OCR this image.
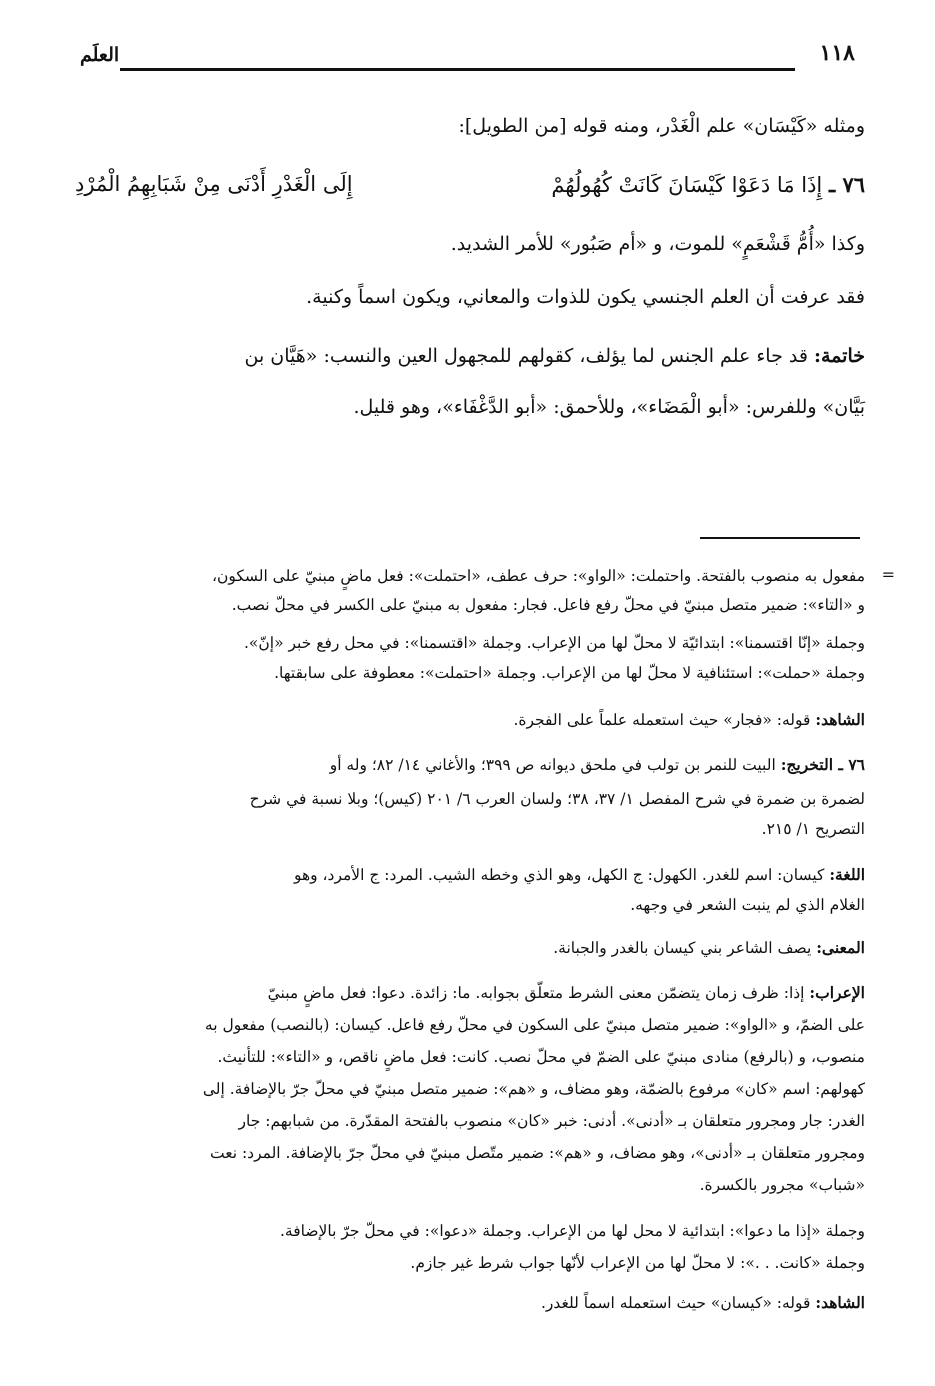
١١٨
العلَم
ومثله «كَيْسَان» علم الْغَدْر، ومنه قوله [من الطويل]:
٧٦ ـ إِذَا مَا دَعَوْا كَيْسَانَ كَانَتْ كُهُولُهُمْ
إِلَى الْغَدْرِ أَدْنَى مِنْ شَبَابِهِمُ الْمُرْدِ
وكذا «أُمُّ قَشْعَمٍ» للموت، و «أم صَبُور» للأمر الشديد.
فقد عرفت أن العلم الجنسي يكون للذوات والمعاني، ويكون اسماً وكنية.
خاتمة: قد جاء علم الجنس لما يؤلف، كقولهم للمجهول العين والنسب: «هَيَّان بن
بَيَّان» وللفرس: «أبو الْمَضَاء»، وللأحمق: «أبو الدَّغْفَاء»، وهو قليل.
=
مفعول به منصوب بالفتحة. واحتملت: «الواو»: حرف عطف، «احتملت»: فعل ماضٍ مبنيّ على السكون،
و «التاء»: ضمير متصل مبنيّ في محلّ رفع فاعل. فجار: مفعول به مبنيّ على الكسر في محلّ نصب.
وجملة «إنّا اقتسمنا»: ابتدائيّة لا محلّ لها من الإعراب. وجملة «اقتسمنا»: في محل رفع خبر «إنّ».
وجملة «حملت»: استئنافية لا محلّ لها من الإعراب. وجملة «احتملت»: معطوفة على سابقتها.
الشاهد: قوله: «فجار» حيث استعمله علماً على الفجرة.
٧٦ ـ التخريج: البيت للنمر بن تولب في ملحق ديوانه ص ٣٩٩؛ والأغاني ١٤/ ٨٢؛ وله أو
لضمرة بن ضمرة في شرح المفصل ١/ ٣٧، ٣٨؛ ولسان العرب ٦/ ٢٠١ (كيس)؛ وبلا نسبة في شرح
التصريح ١/ ٢١٥.
اللغة: كيسان: اسم للغدر. الكهول: ج الكهل، وهو الذي وخطه الشيب. المرد: ج الأمرد، وهو
الغلام الذي لم ينبت الشعر في وجهه.
المعنى: يصف الشاعر بني كيسان بالغدر والجبانة.
الإعراب: إذا: ظرف زمان يتضمّن معنى الشرط متعلّق بجوابه. ما: زائدة. دعوا: فعل ماضٍ مبنيّ
على الضمّ، و «الواو»: ضمير متصل مبنيّ على السكون في محلّ رفع فاعل. كيسان: (بالنصب) مفعول به
منصوب، و (بالرفع) منادى مبنيّ على الضمّ في محلّ نصب. كانت: فعل ماضٍ ناقص، و «التاء»: للتأنيث.
كهولهم: اسم «كان» مرفوع بالضمّة، وهو مضاف، و «هم»: ضمير متصل مبنيّ في محلّ جرّ بالإضافة. إلى
الغدر: جار ومجرور متعلقان بـ «أدنى». أدنى: خبر «كان» منصوب بالفتحة المقدّرة. من شبابهم: جار
ومجرور متعلقان بـ «أدنى»، وهو مضاف، و «هم»: ضمير متّصل مبنيّ في محلّ جرّ بالإضافة. المرد: نعت
«شباب» مجرور بالكسرة.
وجملة «إذا ما دعوا»: ابتدائية لا محل لها من الإعراب. وجملة «دعوا»: في محلّ جرّ بالإضافة.
وجملة «كانت. . .»: لا محلّ لها من الإعراب لأنّها جواب شرط غير جازم.
الشاهد: قوله: «كيسان» حيث استعمله اسماً للغدر.
